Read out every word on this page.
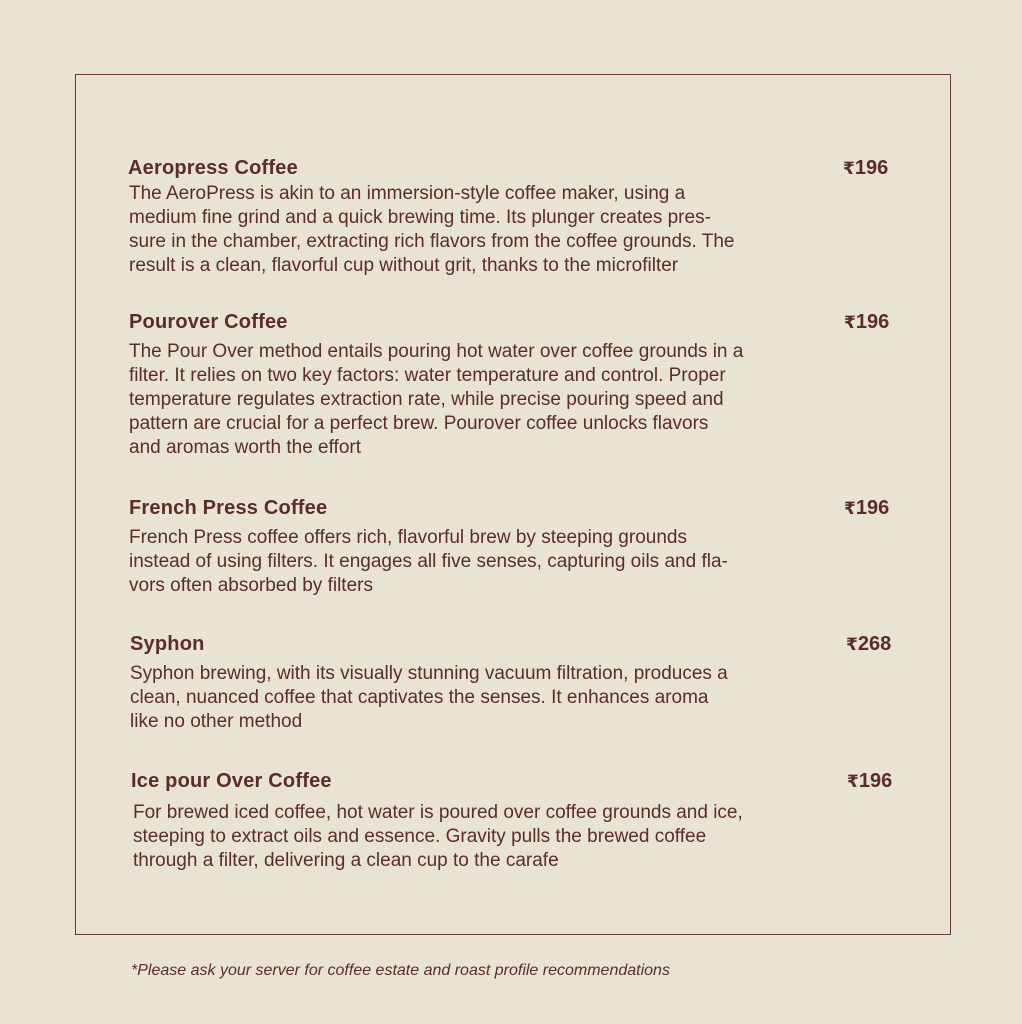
Aeropress Coffee	₹196
The AeroPress is akin to an immersion-style coffee maker, using a
medium fine grind and a quick brewing time. Its plunger creates pres-
sure in the chamber, extracting rich flavors from the coffee grounds. The
result is a clean, flavorful cup without grit, thanks to the microfilter
Pourover Coffee	₹196
The Pour Over method entails pouring hot water over coffee grounds in a
filter. It relies on two key factors: water temperature and control. Proper
temperature regulates extraction rate, while precise pouring speed and
pattern are crucial for a perfect brew. Pourover coffee unlocks flavors
and aromas worth the effort
French Press Coffee	₹196
French Press coffee offers rich, flavorful brew by steeping grounds
instead of using filters. It engages all five senses, capturing oils and fla-
vors often absorbed by filters
Syphon	₹268
Syphon brewing, with its visually stunning vacuum filtration, produces a
clean, nuanced coffee that captivates the senses. It enhances aroma
like no other method
Ice pour Over Coffee	₹196
For brewed iced coffee, hot water is poured over coffee grounds and ice,
steeping to extract oils and essence. Gravity pulls the brewed coffee
through a filter, delivering a clean cup to the carafe
*Please ask your server for coffee estate and roast profile recommendations
